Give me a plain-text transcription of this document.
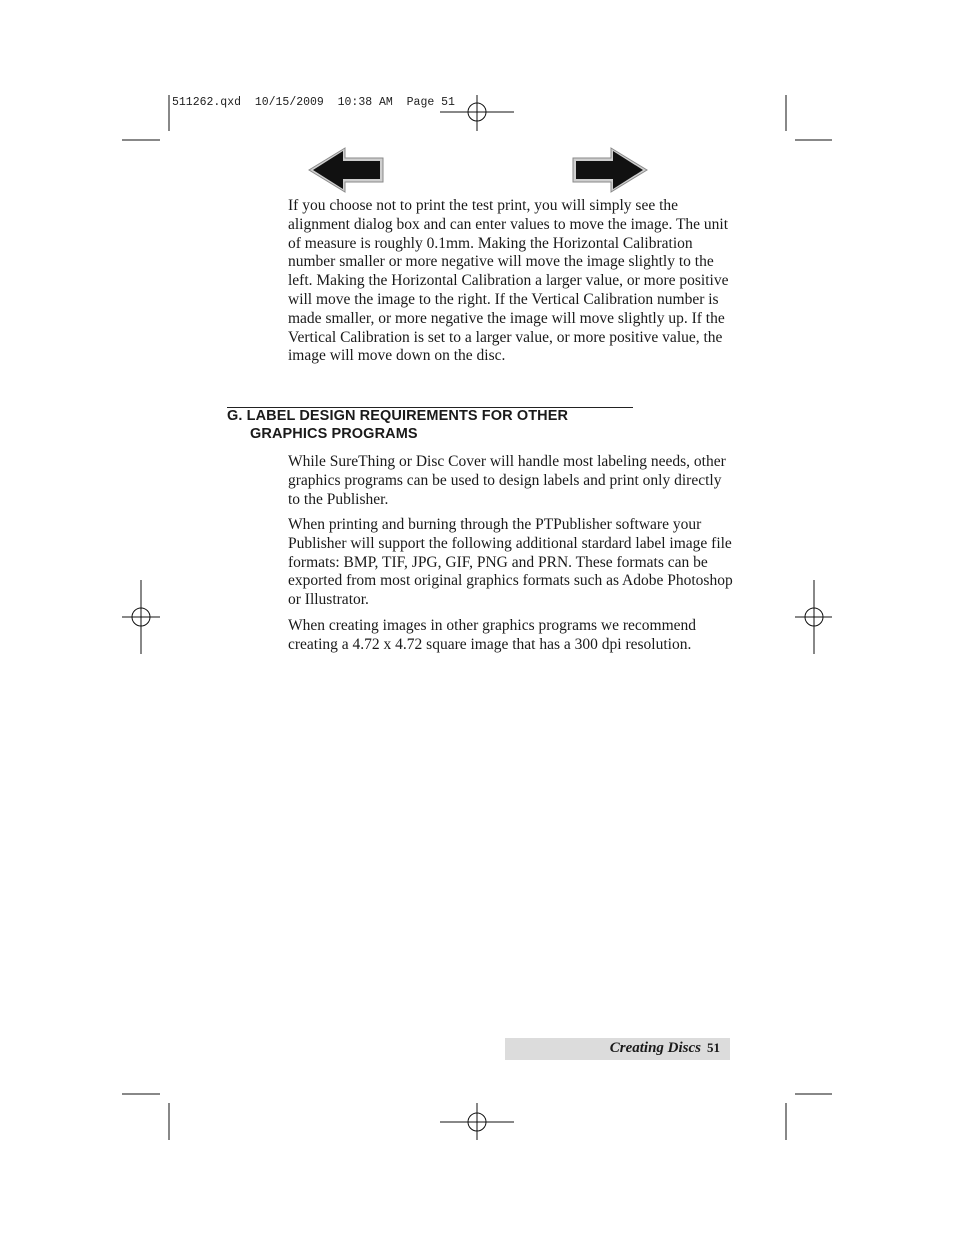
511262.qxd  10/15/2009  10:38 AM  Page 51

If you choose not to print the test print, you will simply see the alignment dialog box and can enter values to move the image. The unit of measure is roughly 0.1mm. Making the Horizontal Calibration number smaller or more negative will move the image slightly to the left. Making the Horizontal Calibration a larger value, or more positive will move the image to the right. If the Vertical Calibration number is made smaller, or more negative the image will move slightly up. If the Vertical Calibration is set to a larger value, or more positive value, the image will move down on the disc.

G. LABEL DESIGN REQUIREMENTS FOR OTHER
GRAPHICS PROGRAMS

While SureThing or Disc Cover will handle most labeling needs, other graphics programs can be used to design labels and print only directly to the Publisher.

When printing and burning through the PTPublisher software your Publisher will support the following additional stardard label image file formats: BMP, TIF, JPG, GIF, PNG and PRN. These formats can be exported from most original graphics formats such as Adobe Photoshop or Illustrator.

When creating images in other graphics programs we recommend creating a 4.72 x 4.72 square image that has a 300 dpi resolution.

Creating Discs 51
